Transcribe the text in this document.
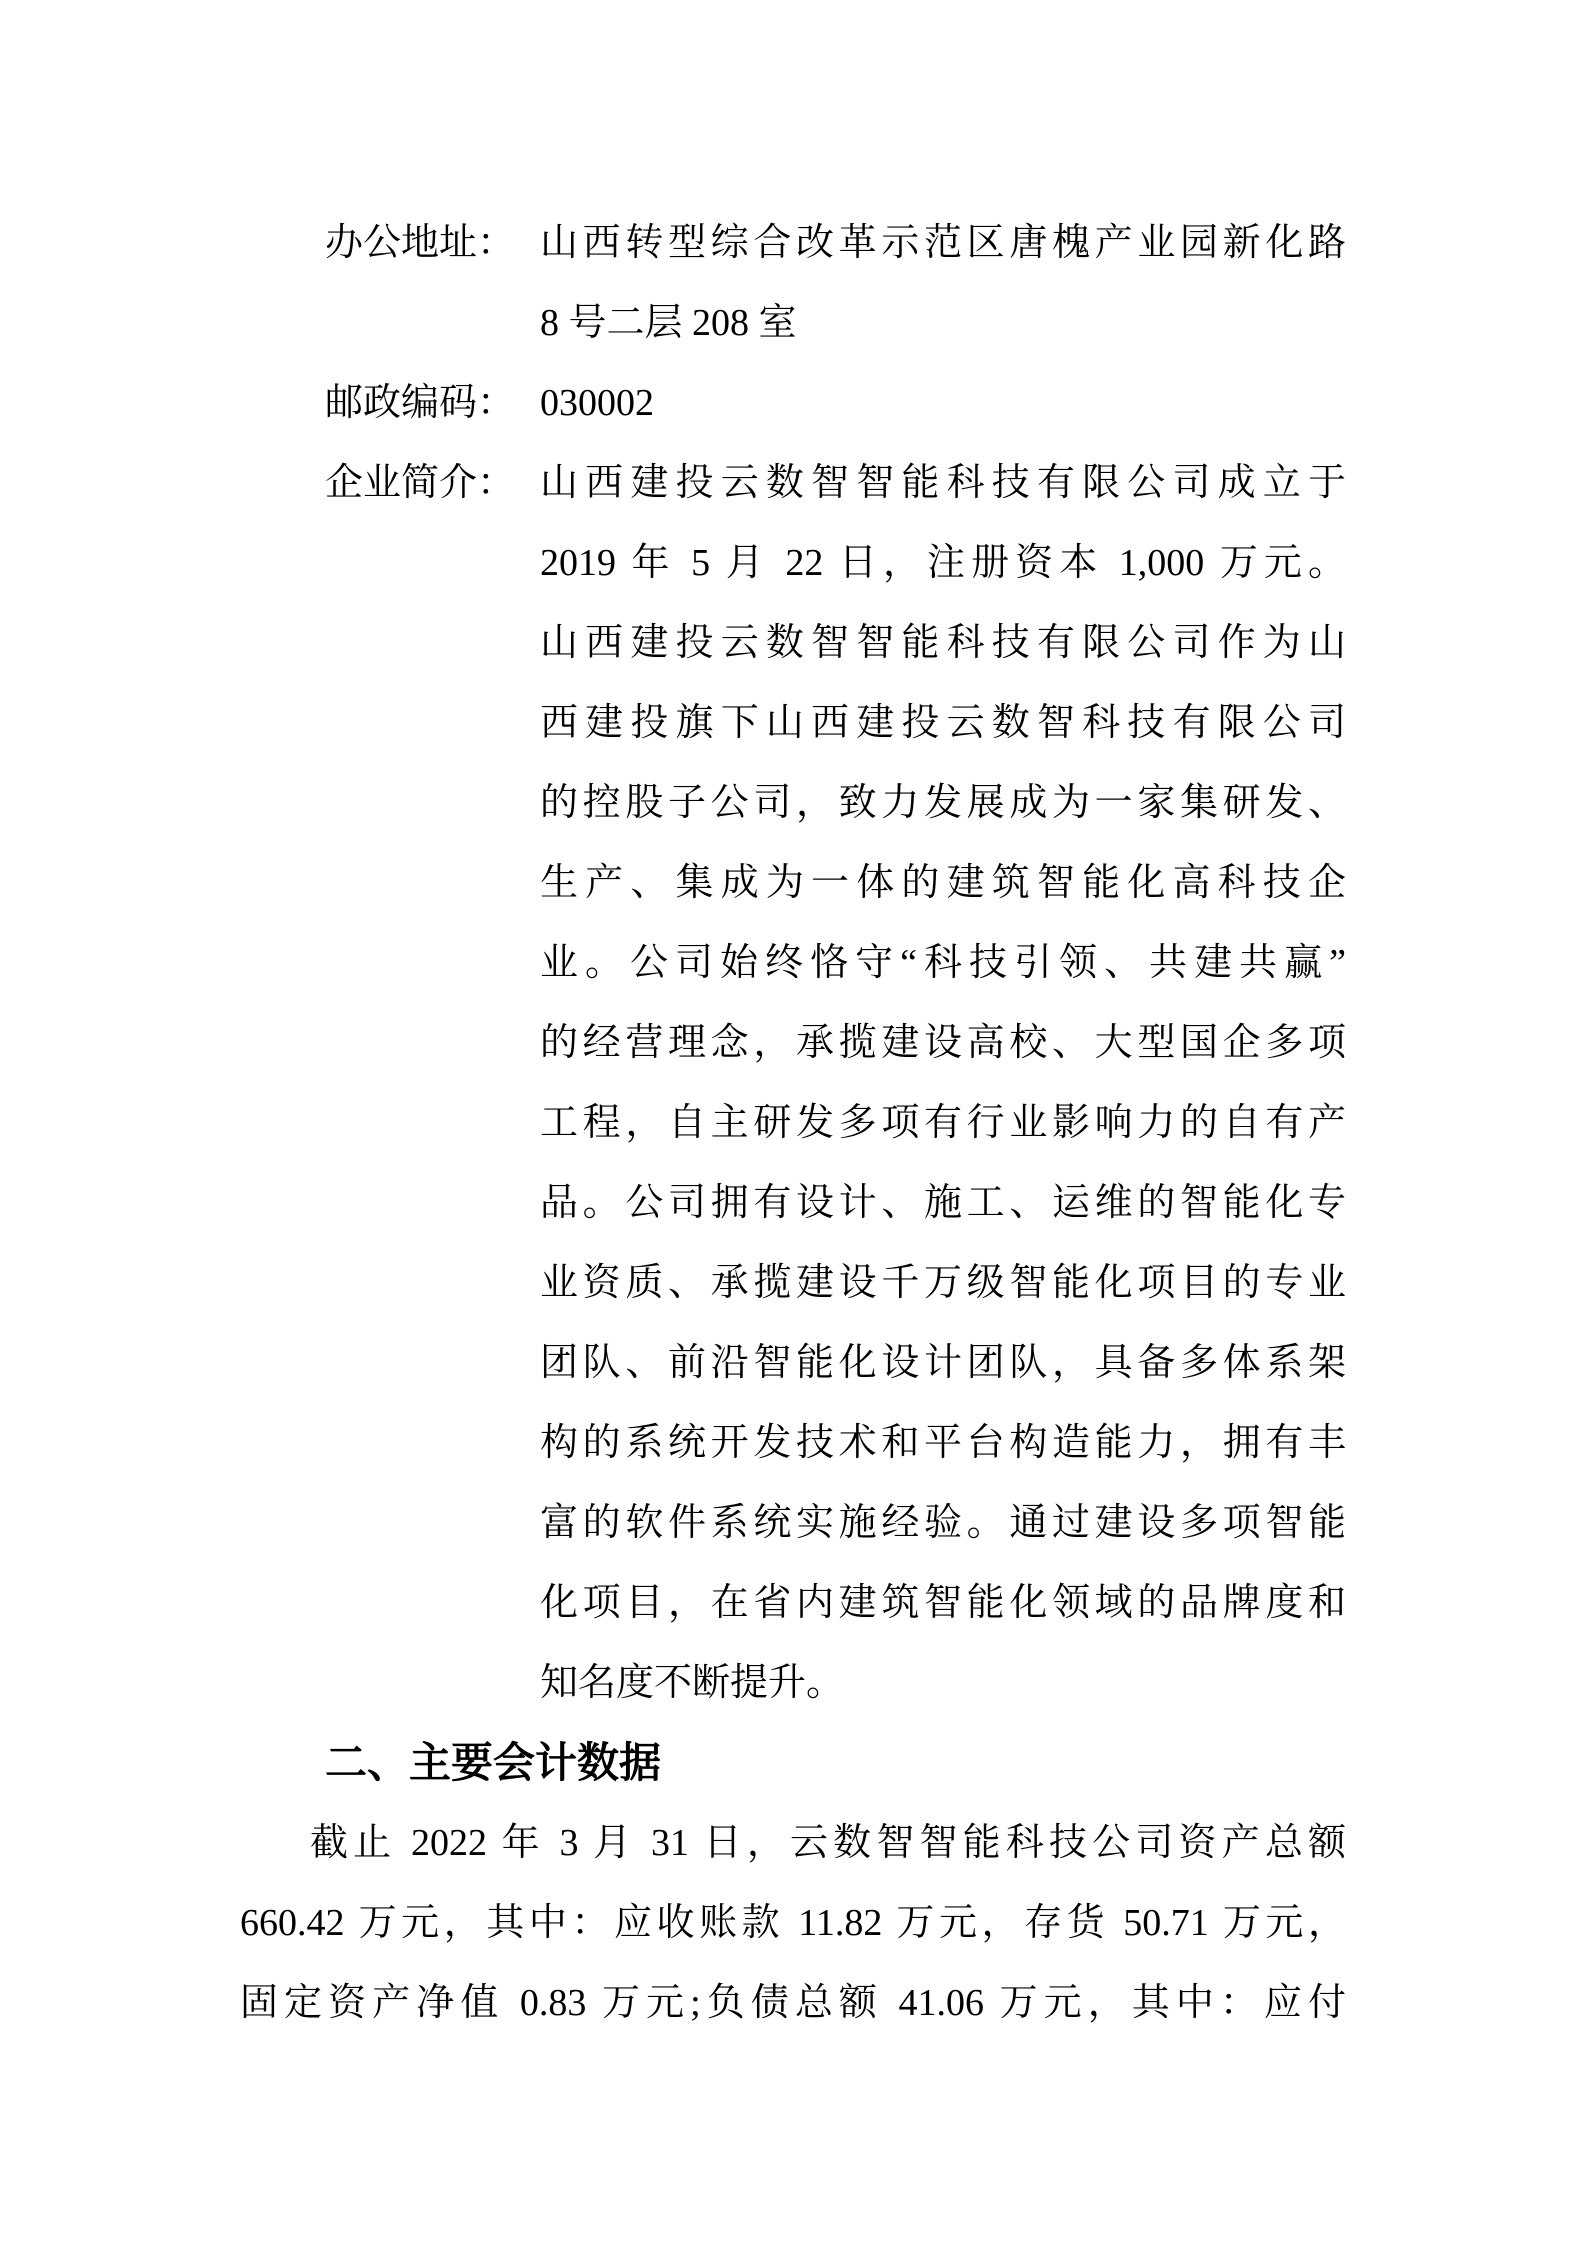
办公地址： 山西转型综合改革示范区唐槐产业园新化路
8 号二层 208 室
邮政编码： 030002
企业简介： 山西建投云数智智能科技有限公司成立于
2019 年 5 月 22 日，注册资本 1,000 万元。
山西建投云数智智能科技有限公司作为山
西建投旗下山西建投云数智科技有限公司
的控股子公司，致力发展成为一家集研发、
生产、集成为一体的建筑智能化高科技企
业。公司始终恪守“科技引领、共建共赢”
的经营理念，承揽建设高校、大型国企多项
工程，自主研发多项有行业影响力的自有产
品。公司拥有设计、施工、运维的智能化专
业资质、承揽建设千万级智能化项目的专业
团队、前沿智能化设计团队，具备多体系架
构的系统开发技术和平台构造能力，拥有丰
富的软件系统实施经验。通过建设多项智能
化项目，在省内建筑智能化领域的品牌度和
知名度不断提升。
二、主要会计数据
截止 2022 年 3 月 31 日，云数智智能科技公司资产总额
660.42 万元，其中：应收账款 11.82 万元，存货 50.71 万元，
固定资产净值 0.83 万元;负债总额 41.06 万元，其中：应付
